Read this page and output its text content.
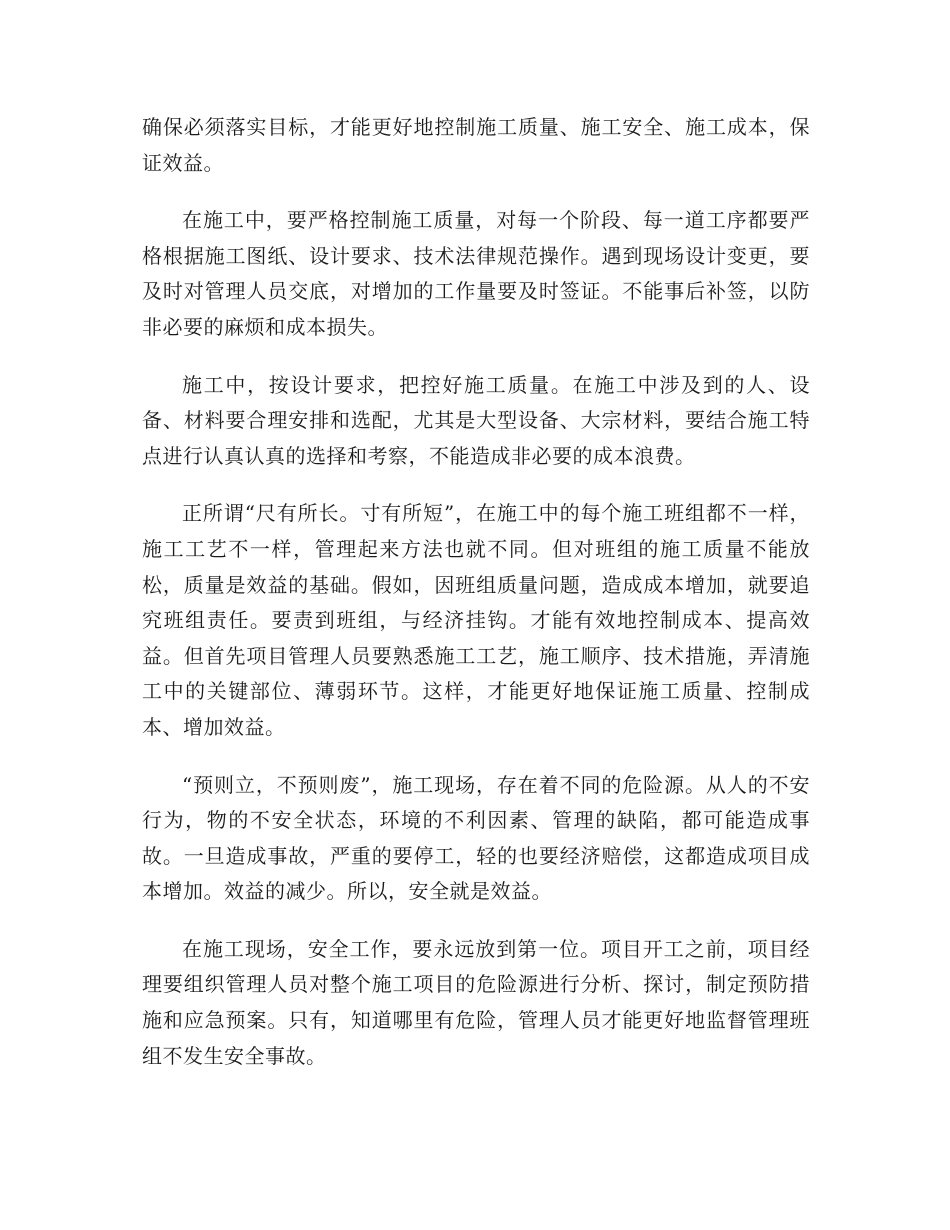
确保必须落实目标，才能更好地控制施工质量、施工安全、施工成本，保证效益。

在施工中，要严格控制施工质量，对每一个阶段、每一道工序都要严格根据施工图纸、设计要求、技术法律规范操作。遇到现场设计变更，要及时对管理人员交底，对增加的工作量要及时签证。不能事后补签，以防非必要的麻烦和成本损失。

施工中，按设计要求，把控好施工质量。在施工中涉及到的人、设备、材料要合理安排和选配，尤其是大型设备、大宗材料，要结合施工特点进行认真认真的选择和考察，不能造成非必要的成本浪费。

正所谓“尺有所长。寸有所短”，在施工中的每个施工班组都不一样，施工工艺不一样，管理起来方法也就不同。但对班组的施工质量不能放松，质量是效益的基础。假如，因班组质量问题，造成成本增加，就要追究班组责任。要责到班组，与经济挂钩。才能有效地控制成本、提高效益。但首先项目管理人员要熟悉施工工艺，施工顺序、技术措施，弄清施工中的关键部位、薄弱环节。这样，才能更好地保证施工质量、控制成本、增加效益。

“预则立，不预则废”，施工现场，存在着不同的危险源。从人的不安行为，物的不安全状态，环境的不利因素、管理的缺陷，都可能造成事故。一旦造成事故，严重的要停工，轻的也要经济赔偿，这都造成项目成本增加。效益的减少。所以，安全就是效益。

在施工现场，安全工作，要永远放到第一位。项目开工之前，项目经理要组织管理人员对整个施工项目的危险源进行分析、探讨，制定预防措施和应急预案。只有，知道哪里有危险，管理人员才能更好地监督管理班组不发生安全事故。
